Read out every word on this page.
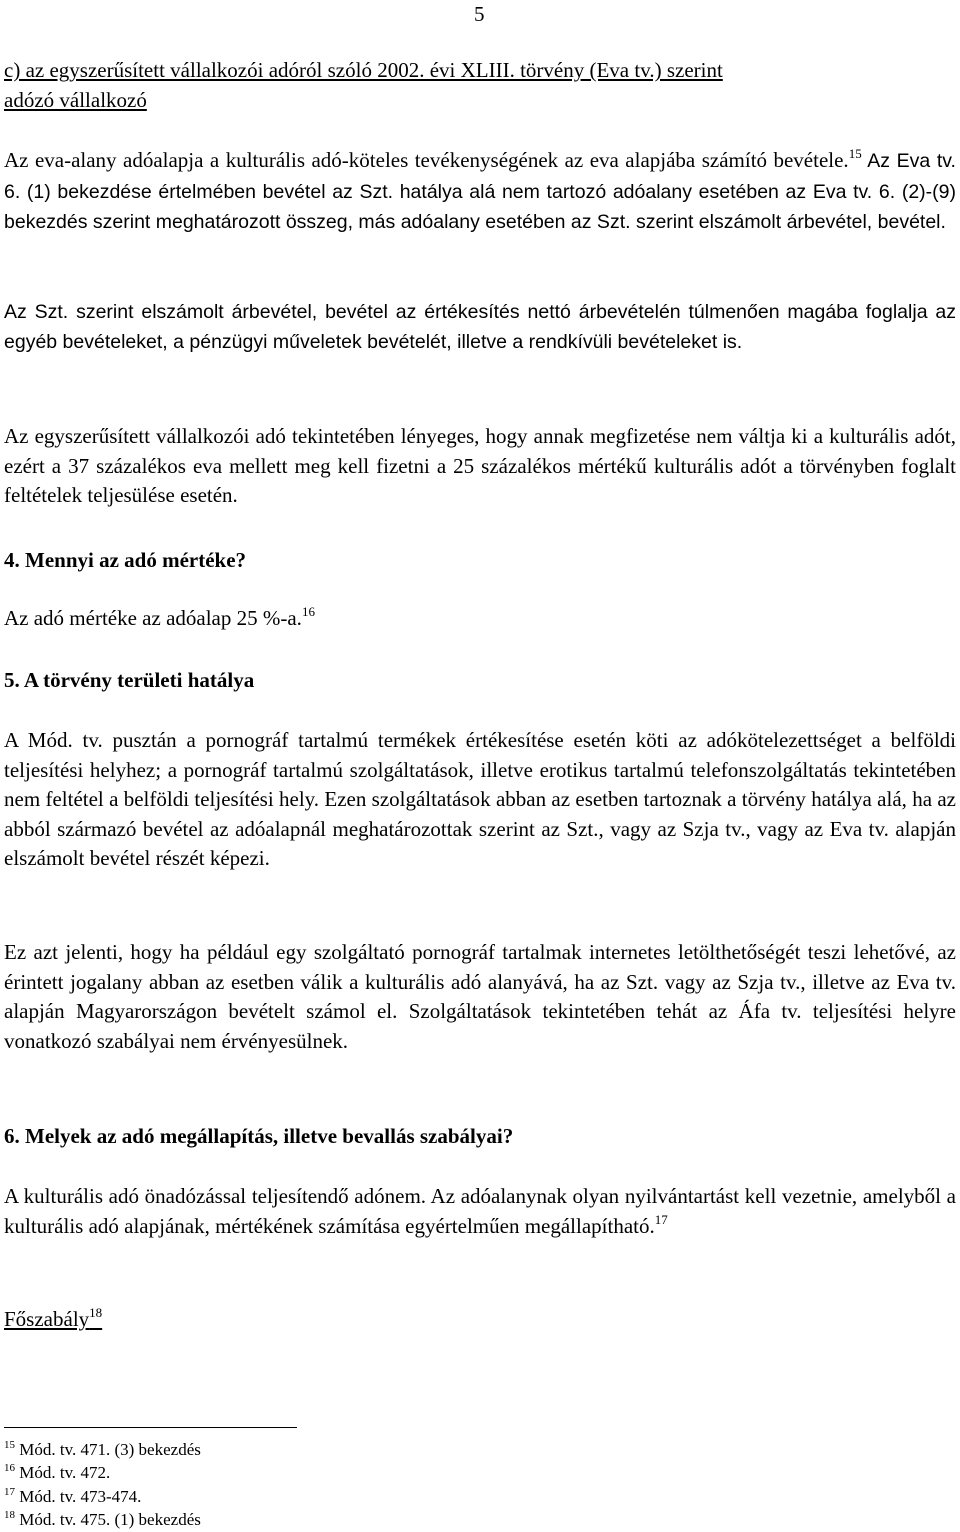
5
c) az egyszerűsített vállalkozói adóról szóló 2002. évi XLIII. törvény (Eva tv.) szerint
adózó vállalkozó
Az eva-alany adóalapja a kulturális adó-köteles tevékenységének az eva alapjába számító bevétele.$^{15}$ Az Eva tv. 6. (1) bekezdése értelmében bevétel az Szt. hatálya alá nem tartozó adóalany esetében az Eva tv. 6. (2)-(9) bekezdés szerint meghatározott összeg, más adóalany esetében az Szt. szerint elszámolt árbevétel, bevétel.
Az Szt. szerint elszámolt árbevétel, bevétel az értékesítés nettó árbevételén túlmenően magába foglalja az egyéb bevételeket, a pénzügyi műveletek bevételét, illetve a rendkívüli bevételeket is.
Az egyszerűsített vállalkozói adó tekintetében lényeges, hogy annak megfizetése nem váltja ki a kulturális adót, ezért a 37 százalékos eva mellett meg kell fizetni a 25 százalékos mértékű kulturális adót a törvényben foglalt feltételek teljesülése esetén.
4. Mennyi az adó mértéke?
Az adó mértéke az adóalap 25 %-a.$^{16}$
5. A törvény területi hatálya
A Mód. tv. pusztán a pornográf tartalmú termékek értékesítése esetén köti az adókötelezettséget a belföldi teljesítési helyhez; a pornográf tartalmú szolgáltatások, illetve erotikus tartalmú telefonszolgáltatás tekintetében nem feltétel a belföldi teljesítési hely. Ezen szolgáltatások abban az esetben tartoznak a törvény hatálya alá, ha az abból származó bevétel az adóalapnál meghatározottak szerint az Szt., vagy az Szja tv., vagy az Eva tv. alapján elszámolt bevétel részét képezi.
Ez azt jelenti, hogy ha például egy szolgáltató pornográf tartalmak internetes letölthetőségét teszi lehetővé, az érintett jogalany abban az esetben válik a kulturális adó alanyává, ha az Szt. vagy az Szja tv., illetve az Eva tv. alapján Magyarországon bevételt számol el. Szolgáltatások tekintetében tehát az Áfa tv. teljesítési helyre vonatkozó szabályai nem érvényesülnek.
6. Melyek az adó megállapítás, illetve bevallás szabályai?
A kulturális adó önadózással teljesítendő adónem. Az adóalanynak olyan nyilvántartást kell vezetnie, amelyből a kulturális adó alapjának, mértékének számítása egyértelműen megállapítható.$^{17}$
Főszabály$^{18}$
$^{15}$ Mód. tv. 471. (3) bekezdés
$^{16}$ Mód. tv. 472.
$^{17}$ Mód. tv. 473-474.
$^{18}$ Mód. tv. 475. (1) bekezdés
